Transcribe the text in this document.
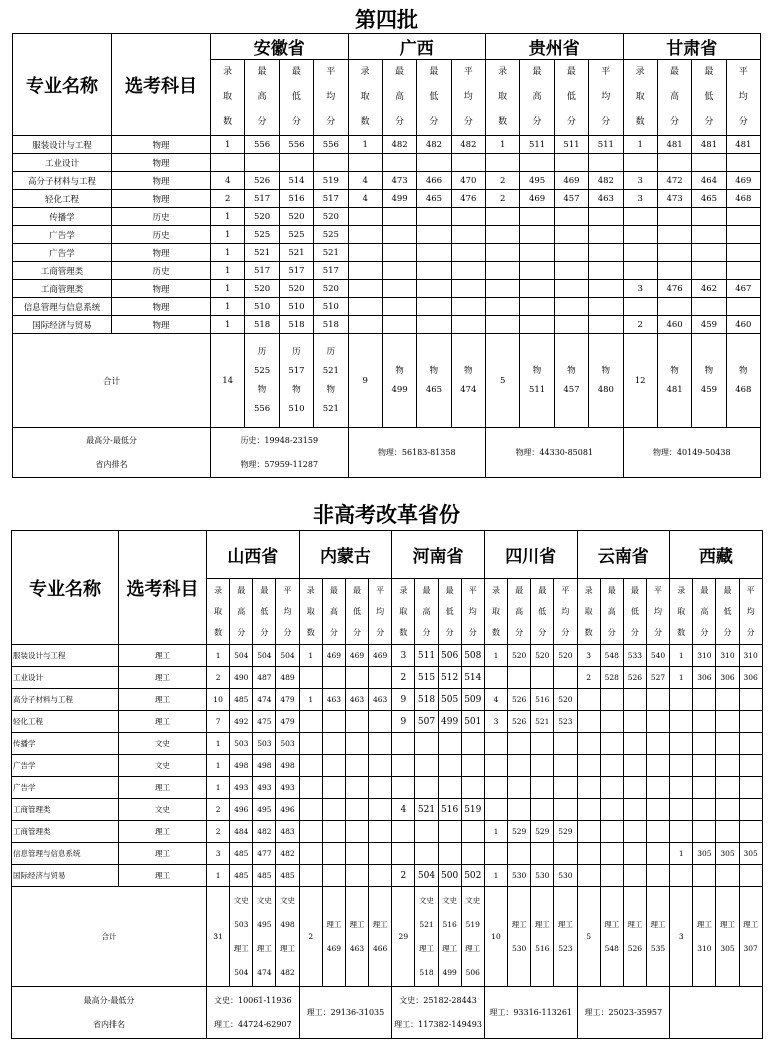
第四批
专业名称	选考科目	安徽省				广西				贵州省				甘肃省			

		录
取
数	最
高
分	最
低
分	平
均
分	录
取
数	最
高
分	最
低
分	平
均
分	录
取
数	最
高
分	最
低
分	平
均
分	录
取
数	最
高
分	最
低
分	平
均
分

服装设计与工程	物理	1	556	556	556	1	482	482	482	1	511	511	511	1	481	481	481
工业设计	物理																
高分子材料与工程	物理	4	526	514	519	4	473	466	470	2	495	469	482	3	472	464	469
轻化工程	物理	2	517	516	517	4	499	465	476	2	469	457	463	3	473	465	468
传播学	历史	1	520	520	520												
广告学	历史	1	525	525	525												
广告学	物理	1	521	521	521												
工商管理类	历史	1	517	517	517												
工商管理类	物理	1	520	520	520									3	476	462	467
信息管理与信息系统	物理	1	510	510	510												
国际经济与贸易	物理	1	518	518	518									2	460	459	460
合计		14	历
525
物
556	历
517
物
510	历
521
物
521	9	物
499	物
465	物
474	5	物
511	物
457	物
480	12	物
481	物
459	物
468

最高分-最低分
省内排名		历史：19948-23159
物理：57959-11287				物理：56183-81358				物理：44330-85081				物理：40149-50438			
非高考改革省份
专业名称	选考科目	山西省				内蒙古				河南省				四川省				云南省				西藏			

		录
取
数	最
高
分	最
低
分	平
均
分	录
取
数	最
高
分	最
低
分	平
均
分	录
取
数	最
高
分	最
低
分	平
均
分	录
取
数	最
高
分	最
低
分	平
均
分	录
取
数	最
高
分	最
低
分	平
均
分	录
取
数	最
高
分	最
低
分	平
均
分

服装设计与工程	理工	1	504	504	504	1	469	469	469	3	511	506	508	1	520	520	520	3	548	533	540	1	310	310	310
工业设计	理工	2	490	487	489					2	515	512	514					2	528	526	527	1	306	306	306
高分子材料与工程	理工	10	485	474	479	1	463	463	463	9	518	505	509	4	526	516	520								
轻化工程	理工	7	492	475	479					9	507	499	501	3	526	521	523								
传播学	文史	1	503	503	503																				
广告学	文史	1	498	498	498																				
广告学	理工	1	493	493	493																				
工商管理类	文史	2	496	495	496					4	521	516	519												
工商管理类	理工	2	484	482	483									1	529	529	529								
信息管理与信息系统	理工	3	485	477	482																	1	305	305	305
国际经济与贸易	理工	1	485	485	485					2	504	500	502	1	530	530	530								
合计		31	文史
503
理工
504	文史
495
理工
474	文史
498
理工
482	2	理工
469	理工
463	理工
466	29	文史
521
理工
518	文史
516
理工
499	文史
519
理工
506	10	理工
530	理工
516	理工
523	5	理工
548	理工
526	理工
535	3	理工
310	理工
305	理工
307

最高分-最低分
省内排名		文史：10061-11936
理工：44724-62907				理工：29136-31035				文史：25182-28443
理工：117382-149493				理工：93316-113261				理工：25023-35957							
